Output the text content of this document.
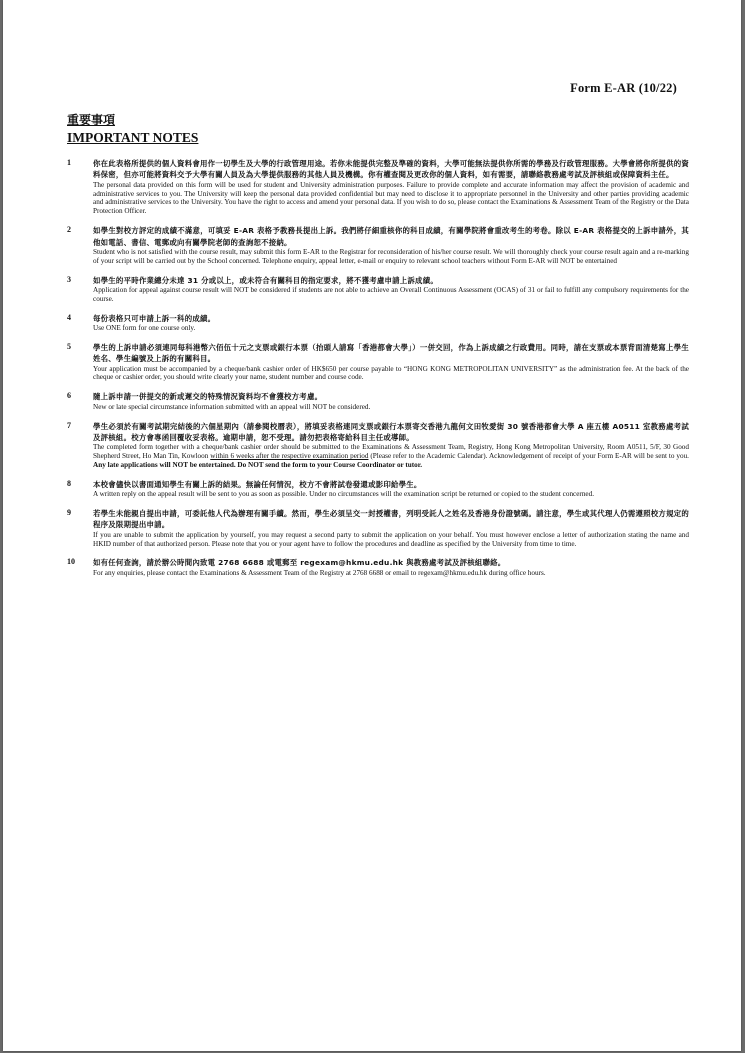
Form E-AR (10/22)
重要事項
IMPORTANT NOTES
1	你在此表格所提供的個人資料會用作一切學生及大學的行政管理用途。若你未能提供完整及準確的資料，大學可能無法提供你所需的學務及行政管理服務。大學會將你所提供的資料保密，但亦可能將資料交予大學有關人員及為大學提供服務的其他人員及機構。你有權查閱及更改你的個人資料，如有需要，請聯絡教務處考試及評核組或保障資料主任。
The personal data provided on this form will be used for student and University administration purposes. Failure to provide complete and accurate information may affect the provision of academic and administrative services to you. The University will keep the personal data provided confidential but may need to disclose it to appropriate personnel in the University and other parties providing academic and administrative services to the University. You have the right to access and amend your personal data. If you wish to do so, please contact the Examinations & Assessment Team of the Registry or the Data Protection Officer.
2	如學生對校方評定的成績不滿意，可填妥 E-AR 表格予教務長提出上訴。我們將仔細重核你的科目成績，有關學院將會重改考生的考卷。除以 E-AR 表格提交的上訴申請外，其他如電話、書信、電郵或向有關學院老師的查詢恕不接納。
Student who is not satisfied with the course result, may submit this form E-AR to the Registrar for reconsideration of his/her course result. We will thoroughly check your course result again and a re-marking of your script will be carried out by the School concerned. Telephone enquiry, appeal letter, e-mail or enquiry to relevant school teachers without Form E-AR will NOT be entertained
3	如學生的平時作業總分未達 31 分或以上，或未符合有關科目的指定要求，將不獲考慮申請上訴成績。
Application for appeal against course result will NOT be considered if students are not able to achieve an Overall Continuous Assessment (OCAS) of 31 or fail to fulfill any compulsory requirements for the course.
4	每份表格只可申請上訴一科的成績。
Use ONE form for one course only.
5	學生的上訴申請必須連同每科港幣六佰伍十元之支票或銀行本票（抬頭人請寫「香港都會大學」）一併交回，作為上訴成績之行政費用。同時，請在支票或本票背面清楚寫上學生姓名、學生編號及上訴的有關科目。
Your application must be accompanied by a cheque/bank cashier order of HK$650 per course payable to “HONG KONG METROPOLITAN UNIVERSITY” as the administration fee. At the back of the cheque or cashier order, you should write clearly your name, student number and course code.
6	隨上訴申請一併提交的新或遲交的特殊情況資料均不會獲校方考慮。
New or late special circumstance information submitted with an appeal will NOT be considered.
7	學生必須於有關考試期完結後的六個星期內（請參閱校曆表），將填妥表格連同支票或銀行本票寄交香港九龍何文田牧愛街 30 號香港都會大學 A 座五樓 A0511 室教務處考試及評核組。校方會專函回覆收妥表格。逾期申請，恕不受理。請勿把表格寄給科目主任或導師。
The completed form together with a cheque/bank cashier order should be submitted to the Examinations & Assessment Team, Registry, Hong Kong Metropolitan University, Room A0511, 5/F, 30 Good Shepherd Street, Ho Man Tin, Kowloon within 6 weeks after the respective examination period (Please refer to the Academic Calendar). Acknowledgement of receipt of your Form E-AR will be sent to you. Any late applications will NOT be entertained. Do NOT send the form to your Course Coordinator or tutor.
8	本校會儘快以書面通知學生有關上訴的結果。無論任何情況，校方不會將試卷發還或影印給學生。
A written reply on the appeal result will be sent to you as soon as possible. Under no circumstances will the examination script be returned or copied to the student concerned.
9	若學生未能親自提出申請，可委託他人代為辦理有關手續。然而，學生必須呈交一封授權書，列明受託人之姓名及香港身份證號碼。請注意，學生或其代理人仍需遵照校方規定的程序及限期提出申請。
If you are unable to submit the application by yourself, you may request a second party to submit the application on your behalf. You must however enclose a letter of authorization stating the name and HKID number of that authorized person. Please note that you or your agent have to follow the procedures and deadline as specified by the University from time to time.
10 如有任何查詢，請於辦公時間內致電 2768 6688 或電郵至 regexam@hkmu.edu.hk 與教務處考試及評核組聯絡。
For any enquiries, please contact the Examinations & Assessment Team of the Registry at 2768 6688 or email to regexam@hkmu.edu.hk during office hours.
